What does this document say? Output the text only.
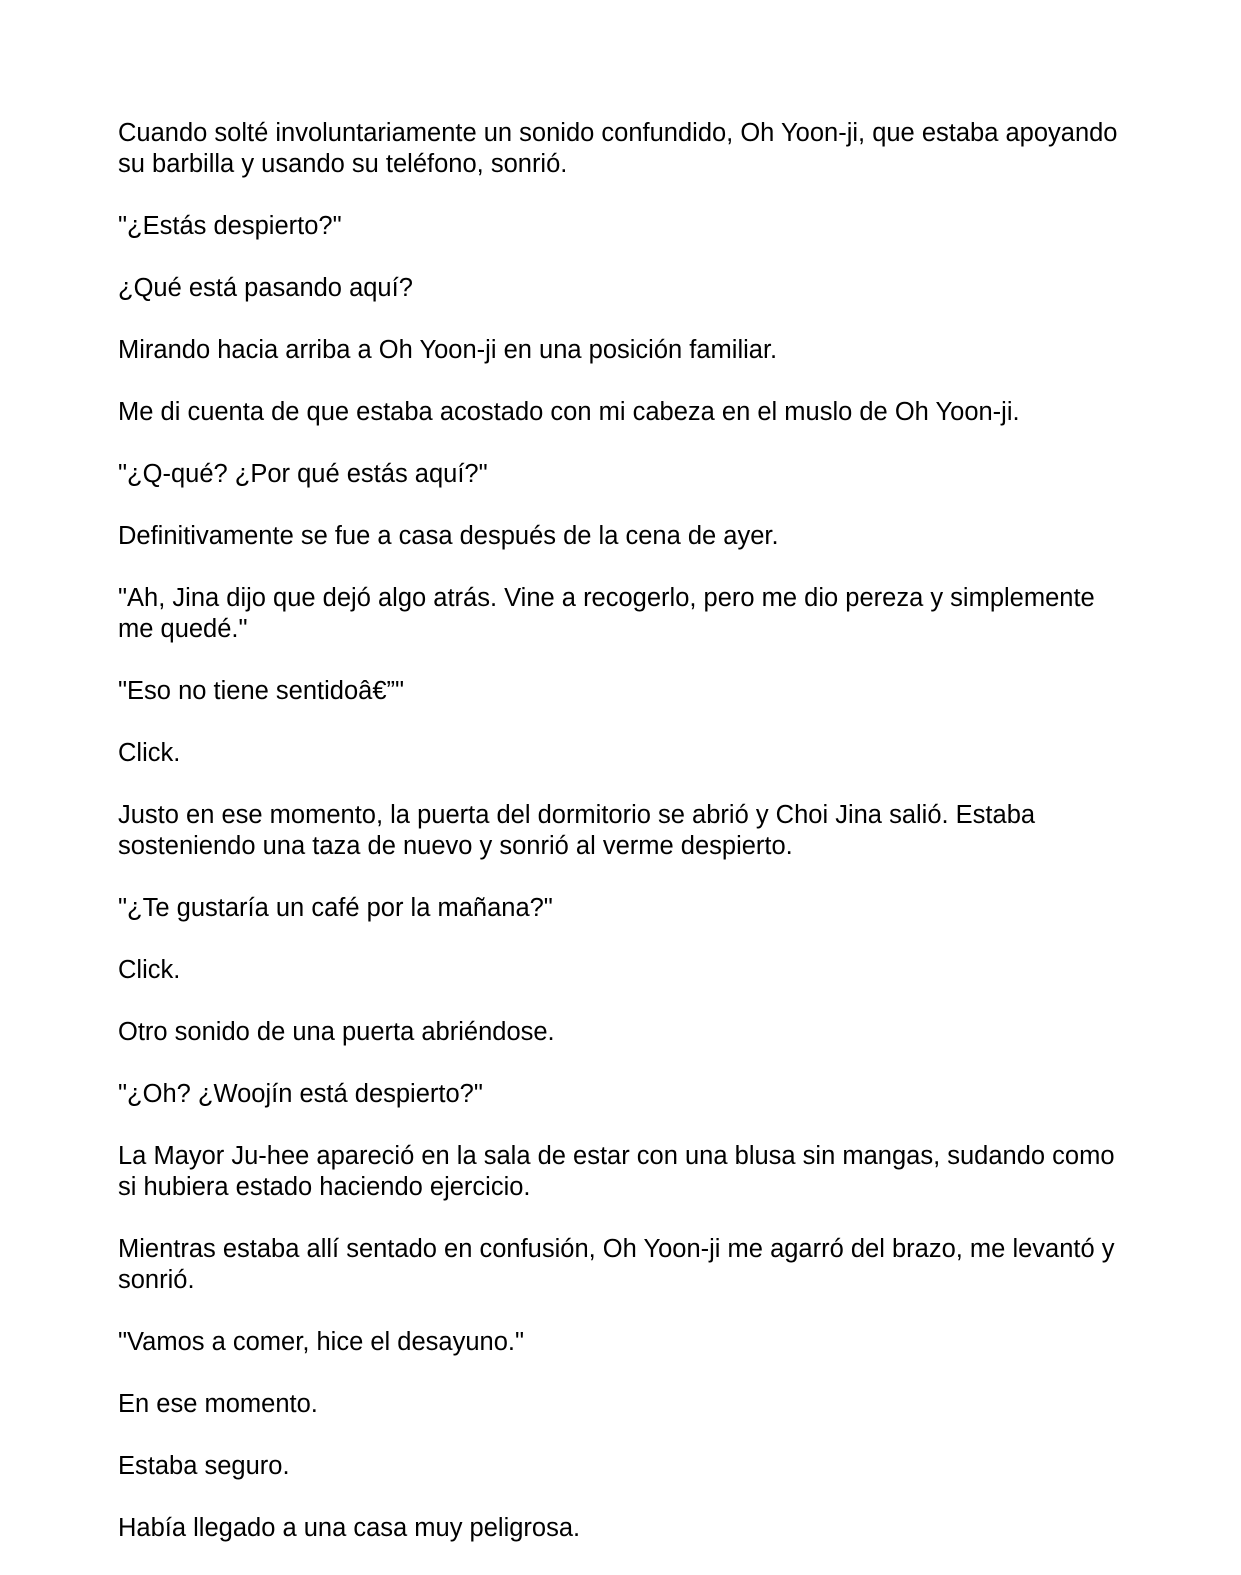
Cuando solté involuntariamente un sonido confundido, Oh Yoon-ji, que estaba apoyando su barbilla y usando su teléfono, sonrió.

"¿Estás despierto?"

¿Qué está pasando aquí?

Mirando hacia arriba a Oh Yoon-ji en una posición familiar.

Me di cuenta de que estaba acostado con mi cabeza en el muslo de Oh Yoon-ji.

"¿Q-qué? ¿Por qué estás aquí?"

Definitivamente se fue a casa después de la cena de ayer.

"Ah, Jina dijo que dejó algo atrás. Vine a recogerlo, pero me dio pereza y simplemente me quedé."

"Eso no tiene sentidoâ€”"

Click.

Justo en ese momento, la puerta del dormitorio se abrió y Choi Jina salió. Estaba sosteniendo una taza de nuevo y sonrió al verme despierto.

"¿Te gustaría un café por la mañana?"

Click.

Otro sonido de una puerta abriéndose.

"¿Oh? ¿Woojín está despierto?"

La Mayor Ju-hee apareció en la sala de estar con una blusa sin mangas, sudando como si hubiera estado haciendo ejercicio.

Mientras estaba allí sentado en confusión, Oh Yoon-ji me agarró del brazo, me levantó y sonrió.

"Vamos a comer, hice el desayuno."

En ese momento.

Estaba seguro.

Había llegado a una casa muy peligrosa.
